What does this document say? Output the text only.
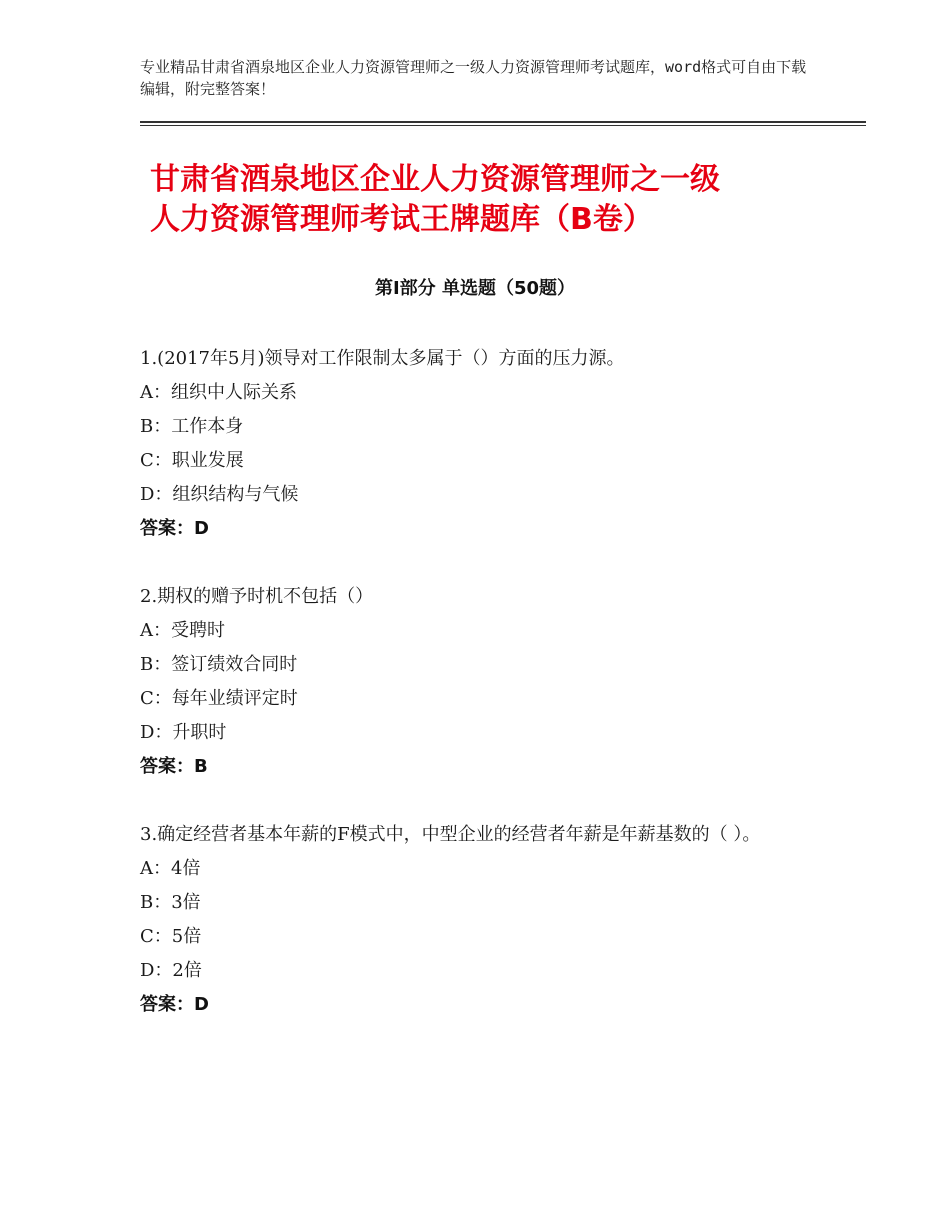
专业精品甘肃省酒泉地区企业人力资源管理师之一级人力资源管理师考试题库，word格式可自由下载编辑，附完整答案！
甘肃省酒泉地区企业人力资源管理师之一级
人力资源管理师考试王牌题库（B卷）
第Ⅰ部分 单选题（50题）

1.(2017年5月)领导对工作限制太多属于（）方面的压力源。

A：组织中人际关系

B：工作本身

C：职业发展

D：组织结构与气候

答案：D

2.期权的赠予时机不包括（）

A：受聘时

B：签订绩效合同时

C：每年业绩评定时

D：升职时

答案：B

3.确定经营者基本年薪的F模式中，中型企业的经营者年薪是年薪基数的（ ）。

A：4倍

B：3倍

C：5倍

D：2倍

答案：D
